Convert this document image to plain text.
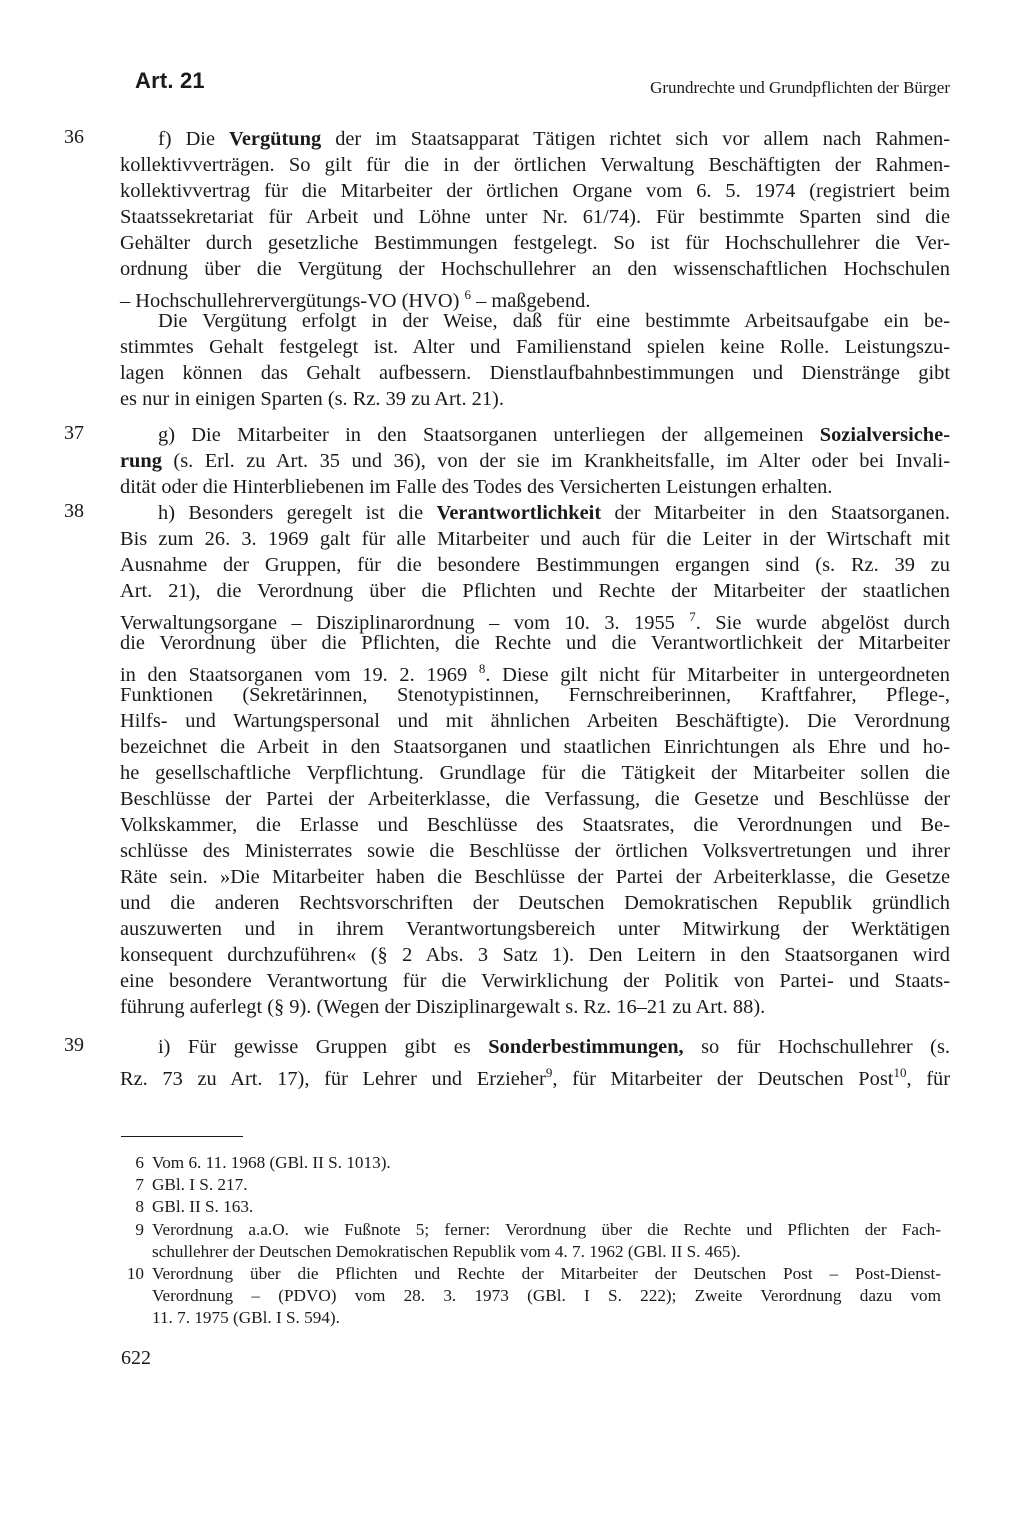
Art. 21	Grundrechte und Grundpflichten der Bürger
36
37
38
39
f) Die Vergütung der im Staatsapparat Tätigen richtet sich vor allem nach Rahmen-
kollektivverträgen. So gilt für die in der örtlichen Verwaltung Beschäftigten der Rahmen-
kollektivvertrag für die Mitarbeiter der örtlichen Organe vom 6. 5. 1974 (registriert beim
Staatssekretariat für Arbeit und Löhne unter Nr. 61/74). Für bestimmte Sparten sind die
Gehälter durch gesetzliche Bestimmungen festgelegt. So ist für Hochschullehrer die Ver-
ordnung über die Vergütung der Hochschullehrer an den wissenschaftlichen Hochschulen
– Hochschullehrervergütungs-VO (HVO) $^6$ – maßgebend.
Die Vergütung erfolgt in der Weise, daß für eine bestimmte Arbeitsaufgabe ein be-
stimmtes Gehalt festgelegt ist. Alter und Familienstand spielen keine Rolle. Leistungszu-
lagen können das Gehalt aufbessern. Dienstlaufbahnbestimmungen und Dienstränge gibt
es nur in einigen Sparten (s. Rz. 39 zu Art. 21).
g) Die Mitarbeiter in den Staatsorganen unterliegen der allgemeinen Sozialversiche-
rung (s. Erl. zu Art. 35 und 36), von der sie im Krankheitsfalle, im Alter oder bei Invali-
dität oder die Hinterbliebenen im Falle des Todes des Versicherten Leistungen erhalten.
h) Besonders geregelt ist die Verantwortlichkeit der Mitarbeiter in den Staatsorganen.
Bis zum 26. 3. 1969 galt für alle Mitarbeiter und auch für die Leiter in der Wirtschaft mit
Ausnahme der Gruppen, für die besondere Bestimmungen ergangen sind (s. Rz. 39 zu
Art. 21), die Verordnung über die Pflichten und Rechte der Mitarbeiter der staatlichen
Verwaltungsorgane – Disziplinarordnung – vom 10. 3. 1955 $^7$. Sie wurde abgelöst durch
die Verordnung über die Pflichten, die Rechte und die Verantwortlichkeit der Mitarbeiter
in den Staatsorganen vom 19. 2. 1969 $^8$. Diese gilt nicht für Mitarbeiter in untergeordneten
Funktionen (Sekretärinnen, Stenotypistinnen, Fernschreiberinnen, Kraftfahrer, Pflege-,
Hilfs- und Wartungspersonal und mit ähnlichen Arbeiten Beschäftigte). Die Verordnung
bezeichnet die Arbeit in den Staatsorganen und staatlichen Einrichtungen als Ehre und ho-
he gesellschaftliche Verpflichtung. Grundlage für die Tätigkeit der Mitarbeiter sollen die
Beschlüsse der Partei der Arbeiterklasse, die Verfassung, die Gesetze und Beschlüsse der
Volkskammer, die Erlasse und Beschlüsse des Staatsrates, die Verordnungen und Be-
schlüsse des Ministerrates sowie die Beschlüsse der örtlichen Volksvertretungen und ihrer
Räte sein. »Die Mitarbeiter haben die Beschlüsse der Partei der Arbeiterklasse, die Gesetze
und die anderen Rechtsvorschriften der Deutschen Demokratischen Republik gründlich
auszuwerten und in ihrem Verantwortungsbereich unter Mitwirkung der Werktätigen
konsequent durchzuführen« (§ 2 Abs. 3 Satz 1). Den Leitern in den Staatsorganen wird
eine besondere Verantwortung für die Verwirklichung der Politik von Partei- und Staats-
führung auferlegt (§ 9). (Wegen der Disziplinargewalt s. Rz. 16–21 zu Art. 88).
i) Für gewisse Gruppen gibt es Sonderbestimmungen, so für Hochschullehrer (s.
Rz. 73 zu Art. 17), für Lehrer und Erzieher$^9$, für Mitarbeiter der Deutschen Post$^{10}$, für
6 Vom 6. 11. 1968 (GBl. II S. 1013).
7 GBl. I S. 217.
8 GBl. II S. 163.
9 Verordnung a.a.O. wie Fußnote 5; ferner: Verordnung über die Rechte und Pflichten der Fach-
schullehrer der Deutschen Demokratischen Republik vom 4. 7. 1962 (GBl. II S. 465).
10 Verordnung über die Pflichten und Rechte der Mitarbeiter der Deutschen Post – Post-Dienst-
Verordnung – (PDVO) vom 28. 3. 1973 (GBl. I S. 222); Zweite Verordnung dazu vom
11. 7. 1975 (GBl. I S. 594).
622
